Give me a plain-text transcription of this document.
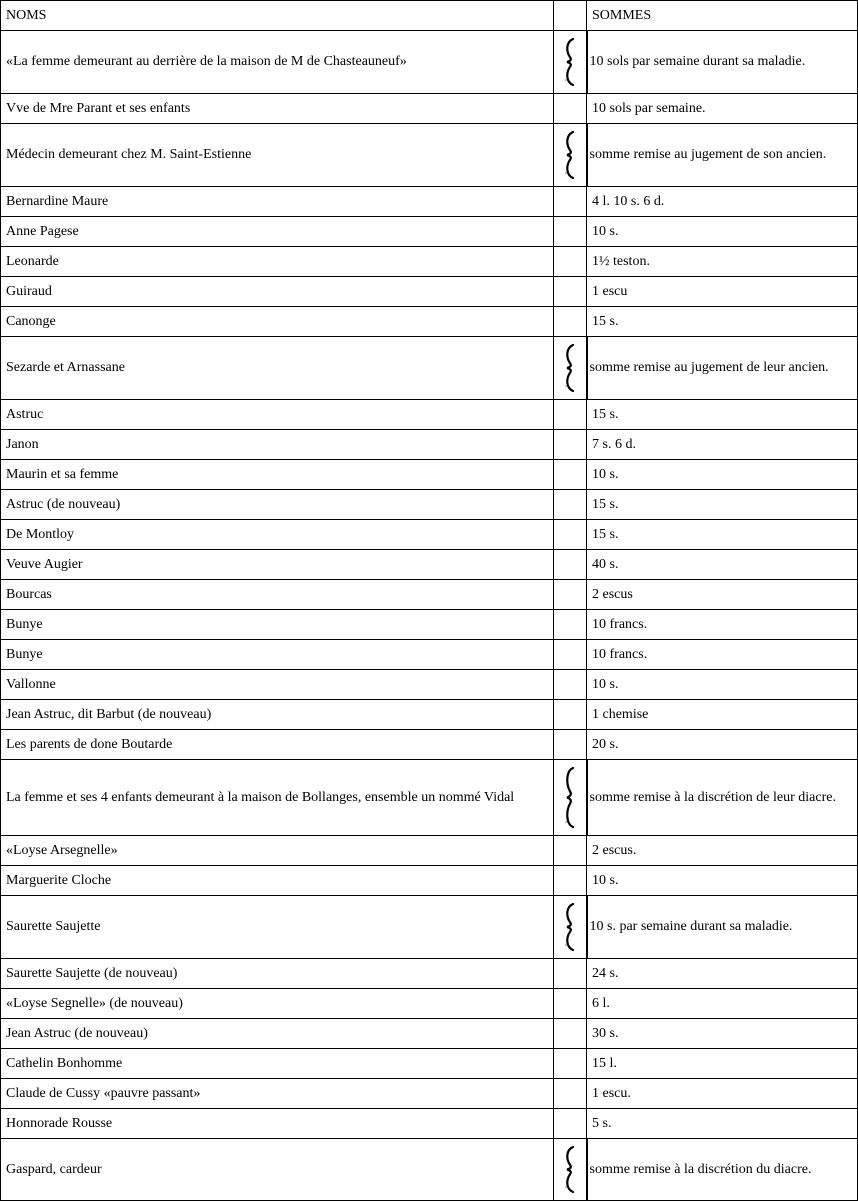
NOMS		SOMMES
«La femme demeurant au derrière de la maison de M de Chasteauneuf»		10 sols par semaine durant sa maladie.
Vve de Mre Parant et ses enfants		10 sols par semaine.
Médecin demeurant chez M. Saint-Estienne		somme remise au jugement de son ancien.
Bernardine Maure		4 l. 10 s. 6 d.
Anne Pagese		10 s.
Leonarde		1½ teston.
Guiraud		1 escu
Canonge		15 s.
Sezarde et Arnassane		somme remise au jugement de leur ancien.
Astruc		15 s.
Janon		7 s. 6 d.
Maurin et sa femme		10 s.
Astruc (de nouveau)		15 s.
De Montloy		15 s.
Veuve Augier		40 s.
Bourcas		2 escus
Bunye		10 francs.
Bunye		10 francs.
Vallonne		10 s.
Jean Astruc, dit Barbut (de nouveau)		1 chemise
Les parents de done Boutarde		20 s.
La femme et ses 4 enfants demeurant à la maison de Bollanges, ensemble un nommé Vidal		somme remise à la discrétion de leur diacre.
«Loyse Arsegnelle»		2 escus.
Marguerite Cloche		10 s.
Saurette Saujette		10 s. par semaine durant sa maladie.
Saurette Saujette (de nouveau)		24 s.
«Loyse Segnelle» (de nouveau)		6 l.
Jean Astruc (de nouveau)		30 s.
Cathelin Bonhomme		15 l.
Claude de Cussy «pauvre passant»		1 escu.
Honnorade Rousse		5 s.
Gaspard, cardeur		somme remise à la discrétion du diacre.
